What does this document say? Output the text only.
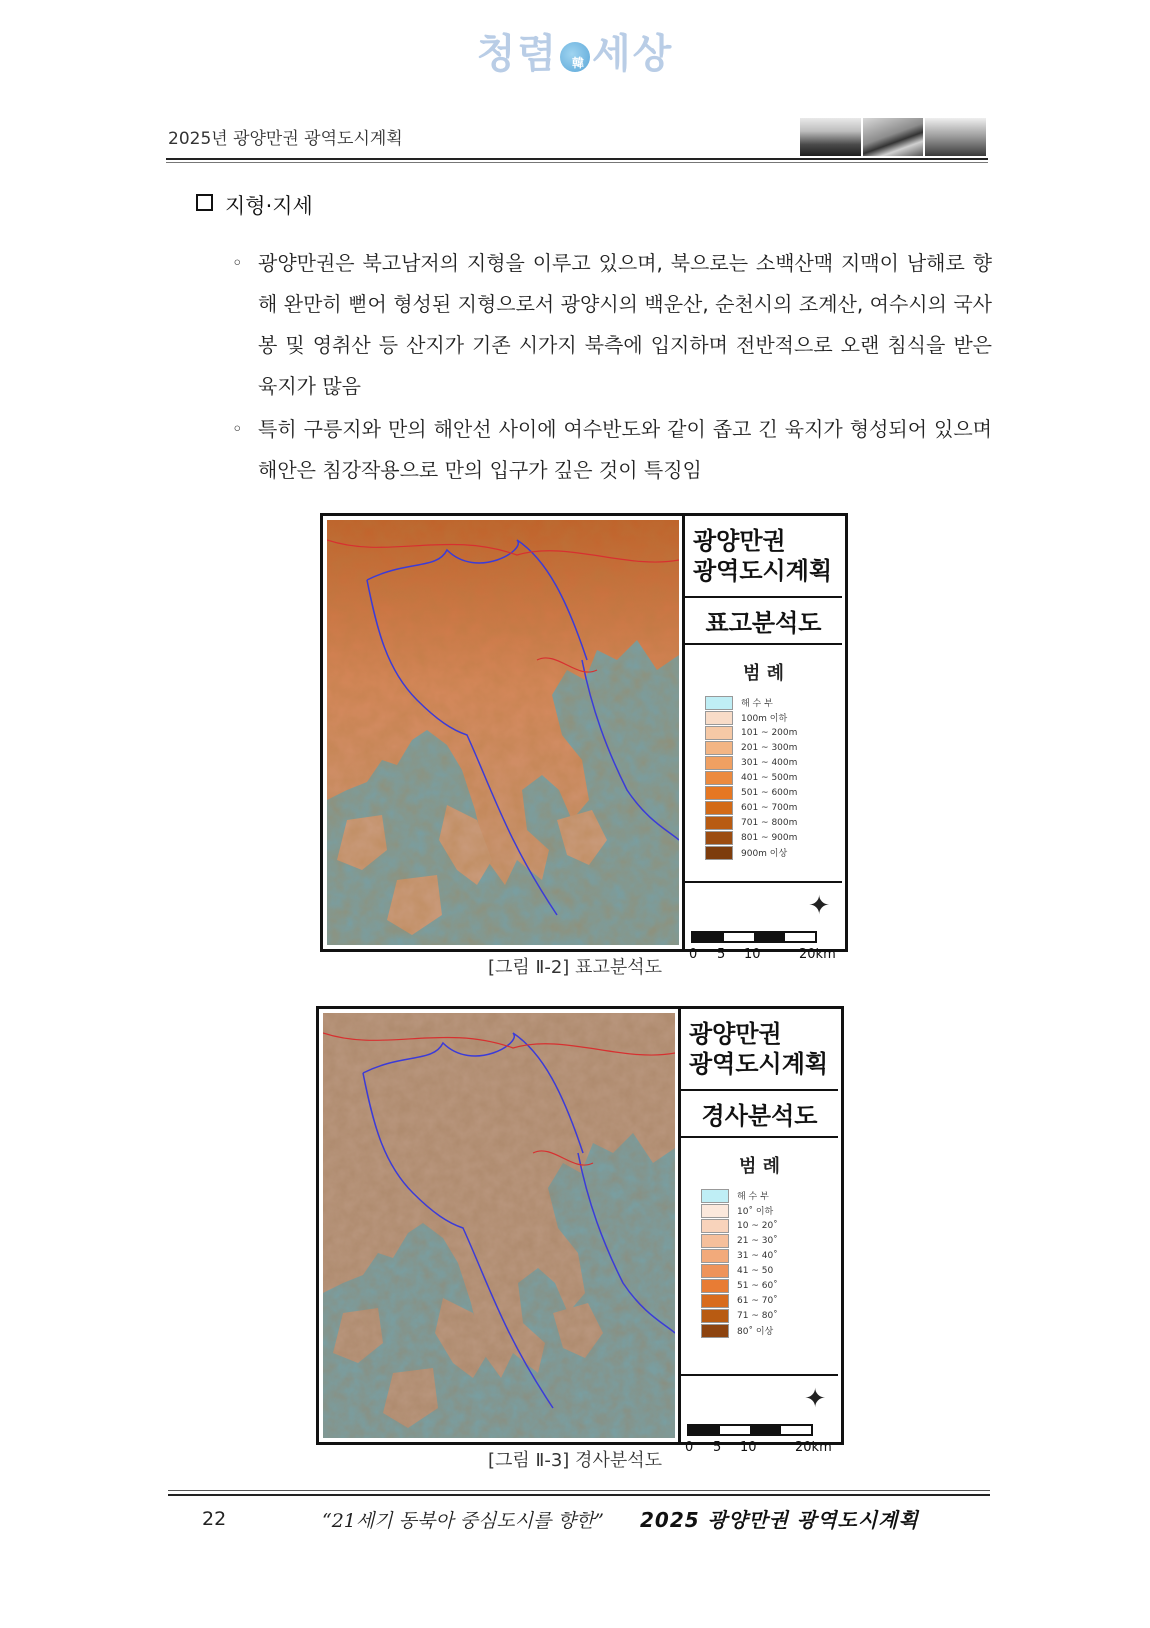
청렴 $^韓$ 세상
2025년 광양만권 광역도시계획
지형·지세
◦ 광양만권은 북고남저의 지형을 이루고 있으며, 북으로는 소백산맥 지맥이 남해로 향해 완만히 뻗어 형성된 지형으로서 광양시의 백운산, 순천시의 조계산, 여수시의 국사봉 및 영취산 등 산지가 기존 시가지 북측에 입지하며 전반적으로 오랜 침식을 받은 육지가 많음
◦ 특히 구릉지와 만의 해안선 사이에 여수반도와 같이 좁고 긴 육지가 형성되어 있으며 해안은 침강작용으로 만의 입구가 깊은 것이 특징임
광양만권
광역도시계획
표고분석도
범 례
해 수 부
100m 이하
101 ~ 200m
201 ~ 300m
301 ~ 400m
401 ~ 500m
501 ~ 600m
601 ~ 700m
701 ~ 800m
801 ~ 900m
900m 이상
✦
0 5 10	20km
[그림 Ⅱ-2] 표고분석도
광양만권
광역도시계획
경사분석도
범 례
해 수 부
10˚ 이하
10 ~ 20˚
21 ~ 30˚
31 ~ 40˚
41 ~ 50
51 ~ 60˚
61 ~ 70˚
71 ~ 80˚
80˚ 이상
✦
0 5 10	20km
[그림 Ⅱ-3] 경사분석도
22	“21세기 동북아 중심도시를 향한” 2025 광양만권 광역도시계획
